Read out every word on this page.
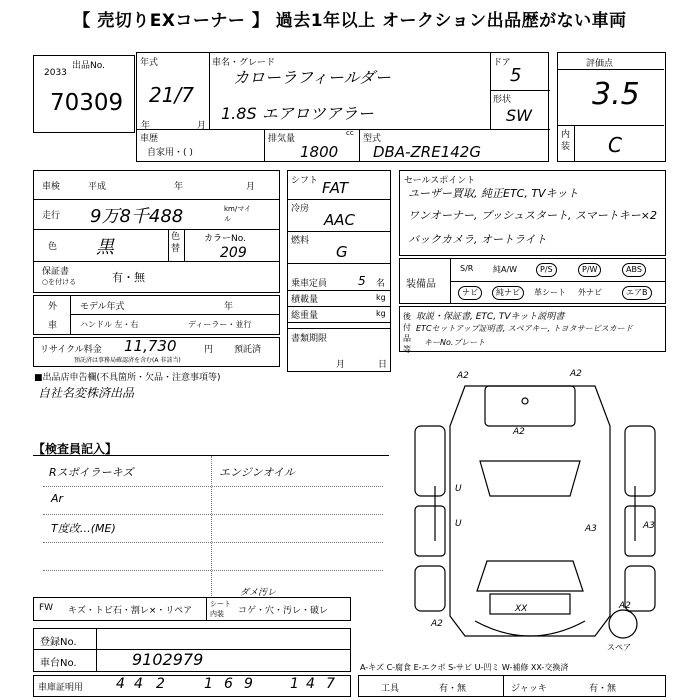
【 売切りEXコーナー 】 過去1年以上 オークション出品歴がない車両
出品No.
2033
70309
年式
21/7
年	月
車名・グレード
カローラフィールダー
1.8S エアロツアラー
ドア
5
形状
SW
車歴
自家用・( )
排気量
cc
1800
型式
DBA-ZRE142G
評価点
3.5
内装 C
車検	平成	年	月
走行 9万8千488	km/マイル
色 黒	色替
カラーNo.
209
保証書
○を付ける	有・無
シフト FAT
冷房
AAC
燃料
G
乗車定員	5 名
積載量	kg
総重量	kg
書類期限
月	日
セールスポイント
ユーザー買取, 純正ETC, TVキット
ワンオーナー, プッシュスタート, スマートキー×2
バックカメラ, オートライト
装備品
S/R 純A/W	P/S	P/W	ABS
ナビ	純ナビ	革シート 外ナビ	エアB
後付品等
取説・保証書, ETC, TVキット説明書
ETCセットアップ証明書, スペアキー, トヨタサービスカード
キーNo.プレート
外
車
モデル年式	年
ハンドル 左・右	ディーラー・並行
リサイクル料金 11,730	円 預託済
預託済は事務局確認済を含む(A 非該当)
■出品店申告欄(不具箇所・欠品・注意事項等)
自社名変株済出品
【検査員記入】
Rスポイラーキズ
Ar
T度改…(ME)
エンジンオイル
ダメ汚レ
FW キズ・トビ石・割レ×・リペア
シート内装	コゲ・穴・汚レ・破レ
登録No.
車台No.	9102979
車庫証明用 4 4 2	1 6 9	1 4 7
A-キズ C-腐食 E-エクボ S-サビ U-凹ミ W-補修 XX-交換済
工具	有・無	ジャッキ	有・無
A2	A2
A2
A3
A3
A2
A2
XX
U
U
スペア
